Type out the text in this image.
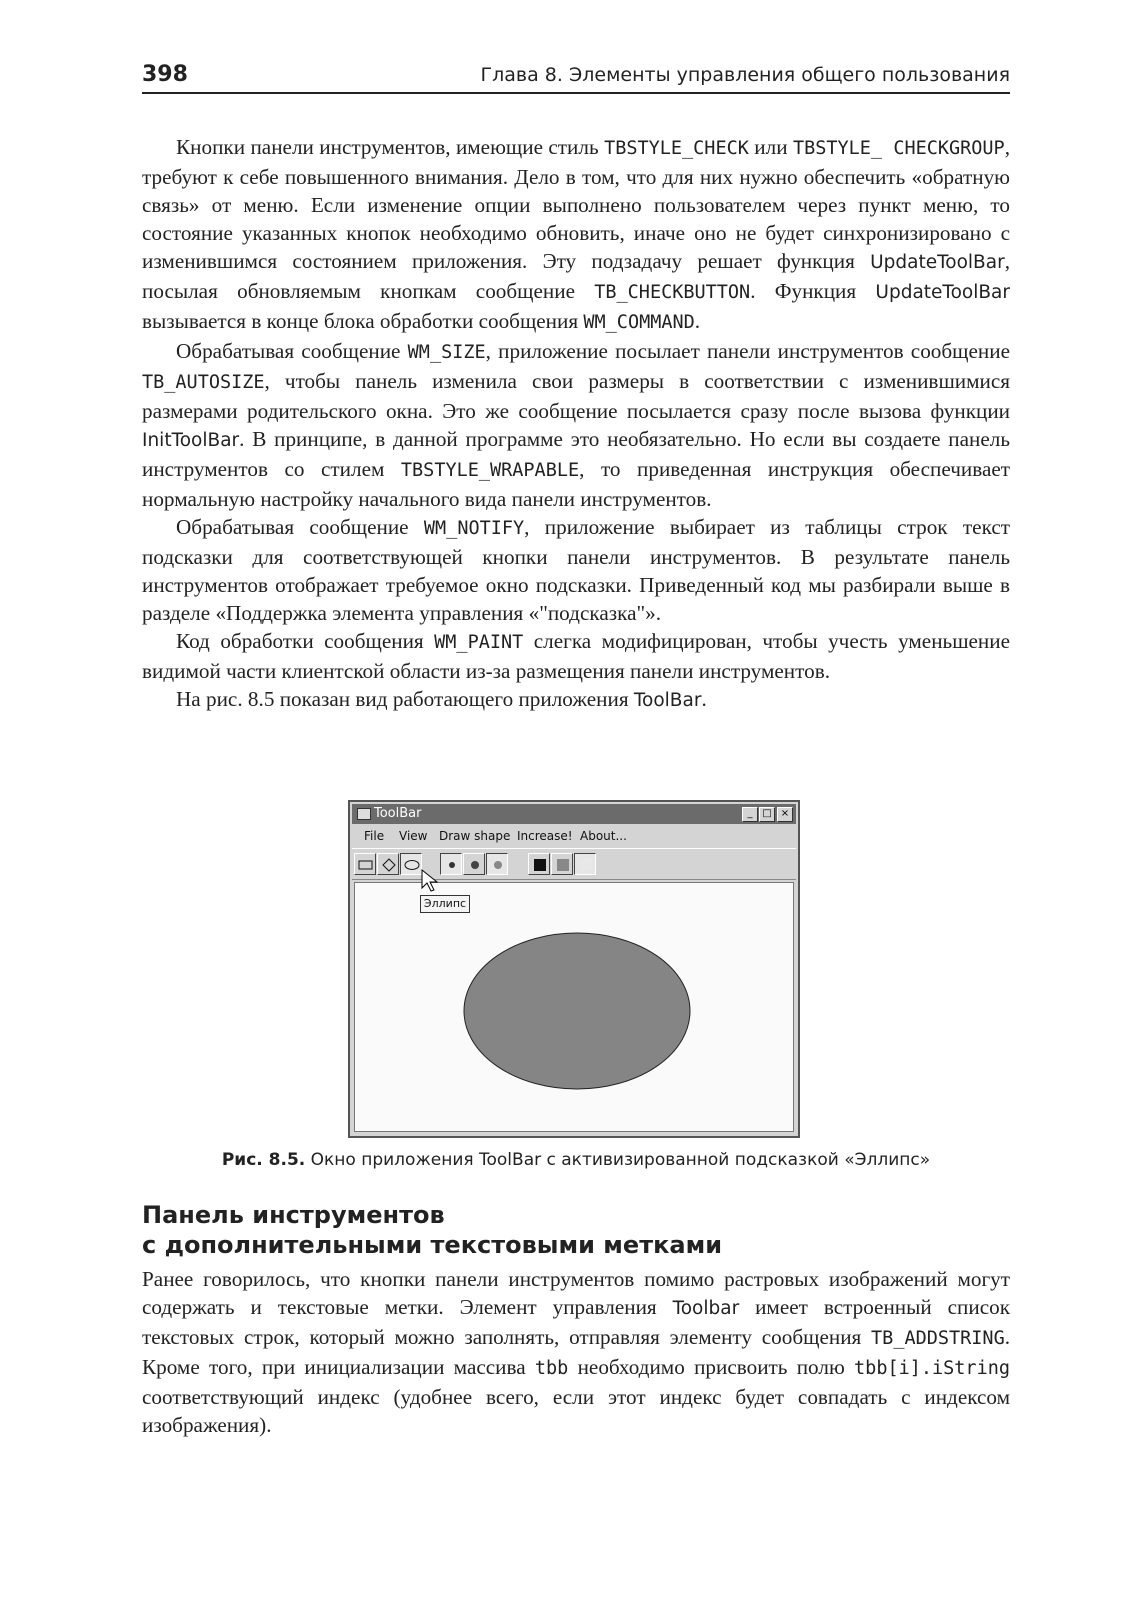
398	Глава 8. Элементы управления общего пользования

Кнопки панели инструментов, имеющие стиль TBSTYLE_CHECK или TBSTYLE_ CHECKGROUP, требуют к себе повышенного внимания. Дело в том, что для них нужно обеспечить «обратную связь» от меню. Если изменение опции выполнено пользователем через пункт меню, то состояние указанных кнопок необходимо обновить, иначе оно не будет синхронизировано с изменившимся состоянием приложения. Эту подзадачу решает функция UpdateToolBar, посылая обновляемым кнопкам сообщение TB_CHECKBUTTON. Функция UpdateToolBar вызывается в конце блока обработки сообщения WM_COMMAND.

Обрабатывая сообщение WM_SIZE, приложение посылает панели инструментов сообщение TB_AUTOSIZE, чтобы панель изменила свои размеры в соответствии с изменившимися размерами родительского окна. Это же сообщение посылается сразу после вызова функции InitToolBar. В принципе, в данной программе это необязательно. Но если вы создаете панель инструментов со стилем TBSTYLE_WRAPABLE, то приведенная инструкция обеспечивает нормальную настройку начального вида панели инструментов.

Обрабатывая сообщение WM_NOTIFY, приложение выбирает из таблицы строк текст подсказки для соответствующей кнопки панели инструментов. В результате панель инструментов отображает требуемое окно подсказки. Приведенный код мы разбирали выше в разделе «Поддержка элемента управления «"подсказка"».

Код обработки сообщения WM_PAINT слегка модифицирован, чтобы учесть уменьшение видимой части клиентской области из-за размещения панели инструментов.

На рис. 8.5 показан вид работающего приложения ToolBar.

ToolBar	_ □ ×
File View Draw shape Increase! About...
Эллипс
Рис. 8.5. Окно приложения ToolBar с активизированной подсказкой «Эллипс»
Панель инструментов
с дополнительными текстовыми метками

Ранее говорилось, что кнопки панели инструментов помимо растровых изображений могут содержать и текстовые метки. Элемент управления Toolbar имеет встроенный список текстовых строк, который можно заполнять, отправляя элементу сообщения TB_ADDSTRING. Кроме того, при инициализации массива tbb необходимо присвоить полю tbb[i].iString соответствующий индекс (удобнее всего, если этот индекс будет совпадать с индексом изображения).
